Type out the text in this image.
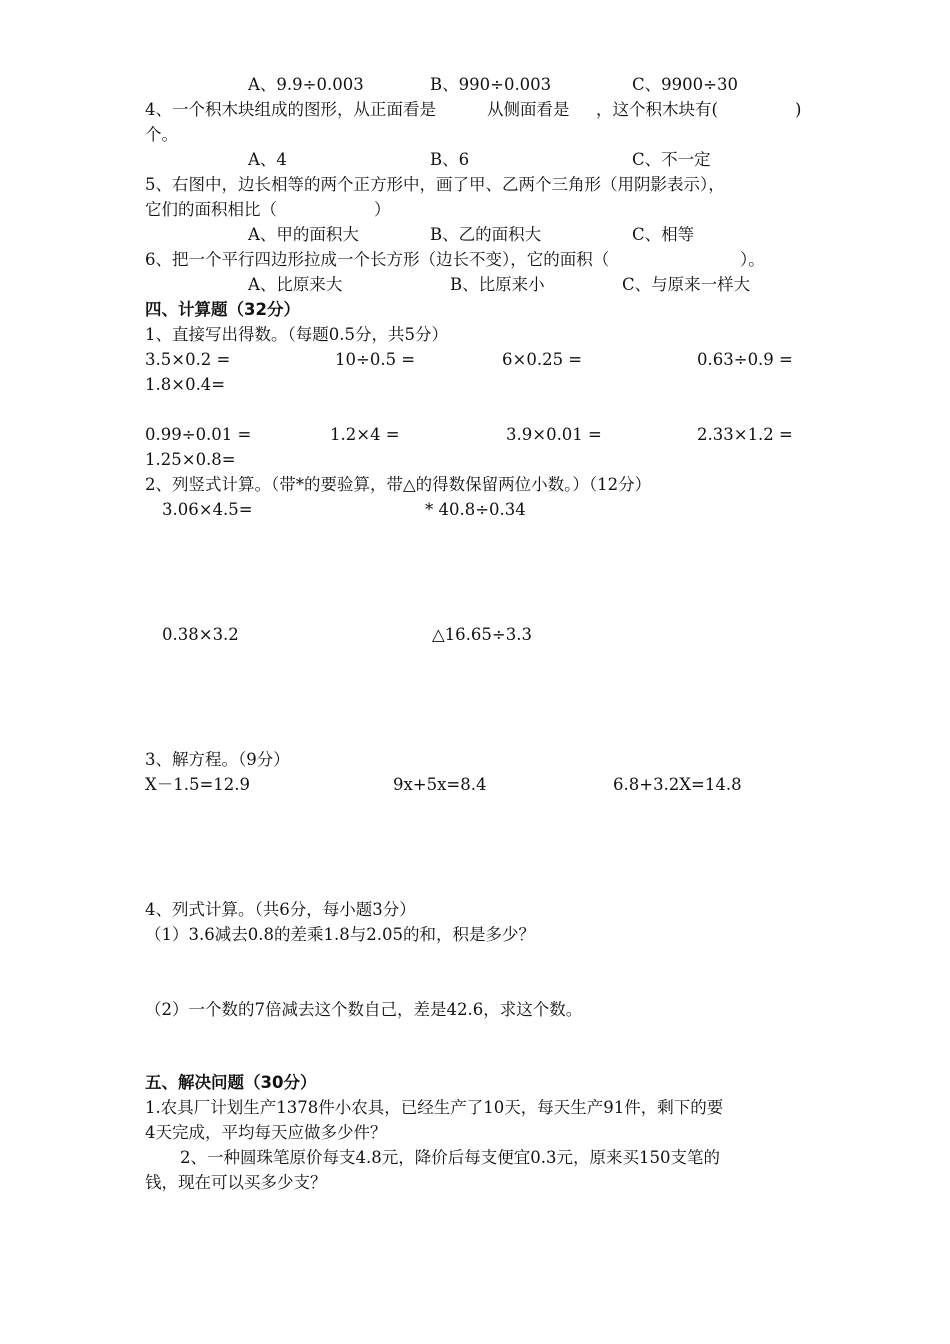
A、9.9÷0.003	B、990÷0.003	C、9900÷30
4、一个积木块组成的图形，从正面看是	从侧面看是 ，这个积木块有(	)
个。
A、4	B、6	C、不一定
5、右图中，边长相等的两个正方形中，画了甲、乙两个三角形（用阴影表示），
它们的面积相比（	）
A、甲的面积大	B、乙的面积大	C、相等
6、把一个平行四边形拉成一个长方形（边长不变），它的面积（	）。
A、比原来大	B、比原来小	C、与原来一样大
四、计算题（32分）
1、直接写出得数。（每题0.5分，共5分）
3.5×0.2 =	10÷0.5 =	6×0.25 =	0.63÷0.9 =
1.8×0.4=
0.99÷0.01 =	1.2×4 =	3.9×0.01 =	2.33×1.2 =
1.25×0.8=
2、列竖式计算。（带*的要验算，带△的得数保留两位小数。）（12分）
3.06×4.5=	* 40.8÷0.34
0.38×3.2	△16.65÷3.3
3、解方程。（9分）
X－1.5=12.9	9x+5x=8.4	6.8+3.2X=14.8
4、列式计算。（共6分，每小题3分）
（1）3.6减去0.8的差乘1.8与2.05的和，积是多少？
（2）一个数的7倍减去这个数自己，差是42.6，求这个数。
五、解决问题（30分）
1.农具厂计划生产1378件小农具，已经生产了10天，每天生产91件，剩下的要
4天完成，平均每天应做多少件？
2、一种圆珠笔原价每支4.8元，降价后每支便宜0.3元，原来买150支笔的
钱，现在可以买多少支？
